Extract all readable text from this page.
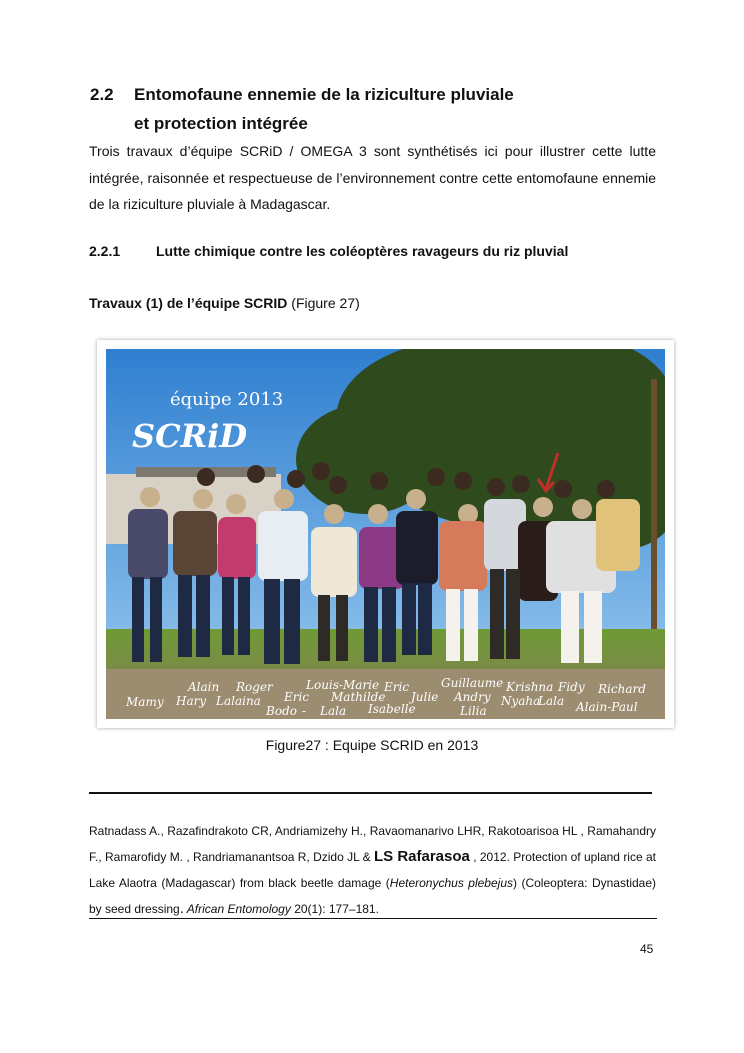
2.2	Entomofaune ennemie de la riziculture pluviale
et protection intégrée

Trois travaux d’équipe SCRiD / OMEGA 3 sont synthétisés ici pour illustrer cette lutte intégrée, raisonnée et respectueuse de l’environnement contre cette entomofaune ennemie de la riziculture pluviale à Madagascar.

2.2.1	Lutte chimique contre les coléoptères ravageurs du riz pluvial
Travaux (1) de l’équipe SCRID (Figure 27)
équipe 2013
SCRiD
Alain Roger	Louis-Marie Eric	Guillaume Krishna Fidy Richard
Mamy Hary Lalaina Eric Mathilde Julie Andry Nyaha
Lala
Bodo - Lala Isabelle	Lilia	Alain-Paul
Figure27 : Equipe SCRID en 2013

Ratnadass A., Razafindrakoto CR, Andriamizehy H., Ravaomanarivo LHR, Rakotoarisoa HL , Ramahandry F., Ramarofidy M. , Randriamanantsoa R, Dzido JL & LS Rafarasoa , 2012. Protection of upland rice at Lake Alaotra (Madagascar) from black beetle damage (Heteronychus plebejus) (Coleoptera: Dynastidae) by seed dressing. African Entomology 20(1): 177–181.

45
